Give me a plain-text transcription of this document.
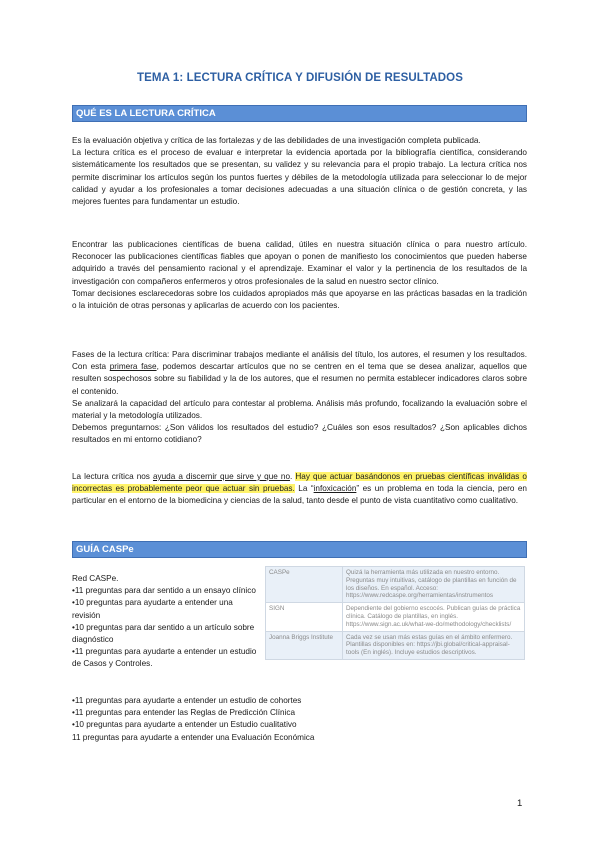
TEMA 1: LECTURA CRÍTICA Y DIFUSIÓN DE RESULTADOS
QUÉ ES LA LECTURA CRÍTICA

Es la evaluación objetiva y crítica de las fortalezas y de las debilidades de una investigación completa publicada.

La lectura crítica es el proceso de evaluar e interpretar la evidencia aportada por la bibliografía científica, considerando sistemáticamente los resultados que se presentan, su validez y su relevancia para el propio trabajo. La lectura crítica nos permite discriminar los artículos según los puntos fuertes y débiles de la metodología utilizada para seleccionar lo de mejor calidad y ayudar a los profesionales a tomar decisiones adecuadas a una situación clínica o de gestión concreta, y las mejores fuentes para fundamentar un estudio.

Encontrar las publicaciones científicas de buena calidad, útiles en nuestra situación clínica o para nuestro artículo. Reconocer las publicaciones científicas fiables que apoyan o ponen de manifiesto los conocimientos que pueden haberse adquirido a través del pensamiento racional y el aprendizaje. Examinar el valor y la pertinencia de los resultados de la investigación con compañeros enfermeros y otros profesionales de la salud en nuestro sector clínico.

Tomar decisiones esclarecedoras sobre los cuidados apropiados más que apoyarse en las prácticas basadas en la tradición o la intuición de otras personas y aplicarlas de acuerdo con los pacientes.

Fases de la lectura crítica: Para discriminar trabajos mediante el análisis del título, los autores, el resumen y los resultados. Con esta primera fase, podemos descartar artículos que no se centren en el tema que se desea analizar, aquellos que resulten sospechosos sobre su fiabilidad y la de los autores, que el resumen no permita establecer indicadores claros sobre el contenido.

Se analizará la capacidad del artículo para contestar al problema. Análisis más profundo, focalizando la evaluación sobre el material y la metodología utilizados.

Debemos preguntarnos: ¿Son válidos los resultados del estudio? ¿Cuáles son esos resultados? ¿Son aplicables dichos resultados en mi entorno cotidiano?

La lectura crítica nos ayuda a discernir que sirve y que no. Hay que actuar basándonos en pruebas científicas inválidas o incorrectas es probablemente peor que actuar sin pruebas. La “infoxicación” es un problema en toda la ciencia, pero en particular en el entorno de la biomedicina y ciencias de la salud, tanto desde el punto de vista cuantitativo como cualitativo.

GUÍA CASPe

Red CASPe.

•11 preguntas para dar sentido a un ensayo clínico

•10 preguntas para ayudarte a entender una revisión

•10 preguntas para dar sentido a un artículo sobre diagnóstico

•11 preguntas para ayudarte a entender un estudio de Casos y Controles.

•11 preguntas para ayudarte a entender un estudio de cohortes

•11 preguntas para entender las Reglas de Predicción Clínica

•10 preguntas para ayudarte a entender un Estudio cualitativo

11 preguntas para ayudarte a entender una Evaluación Económica

CASPe	Quizá la herramienta más utilizada en nuestro entorno. Preguntas muy intuitivas, catálogo de plantillas en función de los diseños. En español. Acceso: https://www.redcaspe.org/herramientas/instrumentos
SIGN	Dependiente del gobierno escocés. Publican guías de práctica clínica. Catálogo de plantillas, en inglés. https://www.sign.ac.uk/what-we-do/methodology/checklists/
Joanna Briggs Institute	Cada vez se usan más estas guías en el ámbito enfermero. Plantillas disponibles en: https://jbi.global/critical-appraisal-tools (En inglés). Incluye estudios descriptivos.
1
